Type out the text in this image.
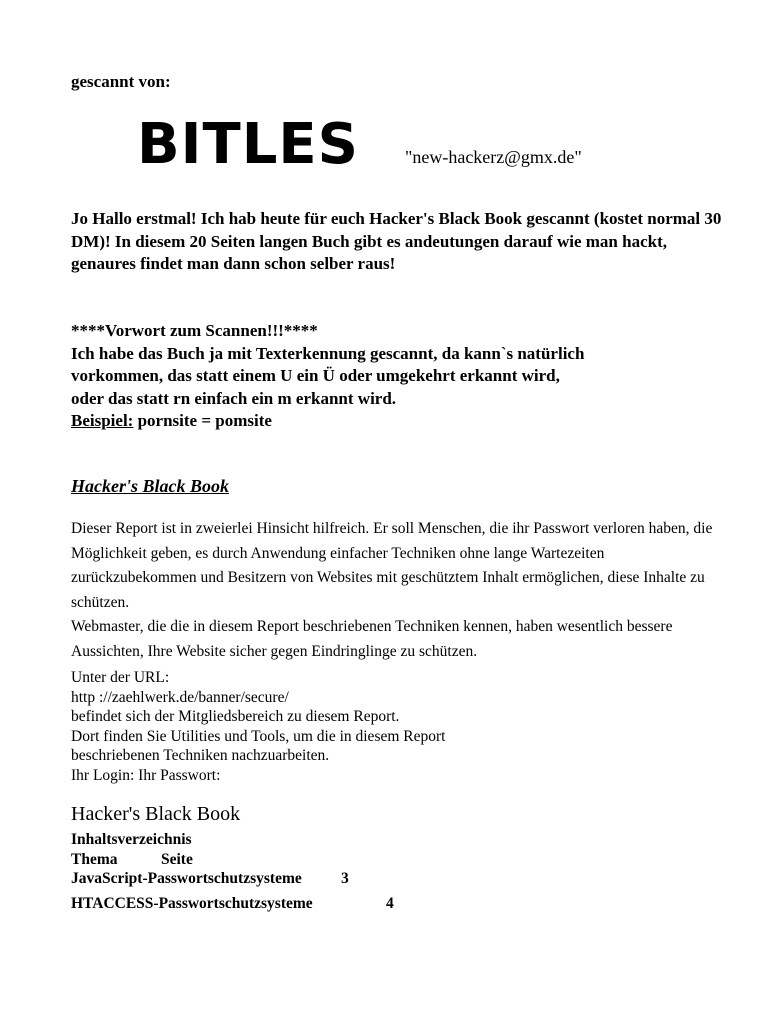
gescannt von:

BITLES	"new-hackerz@gmx.de"

Jo Hallo erstmal! Ich hab heute für euch Hacker's Black Book gescannt (kostet normal 30 DM)! In diesem 20 Seiten langen Buch gibt es andeutungen darauf wie man hackt, genaures findet man dann schon selber raus!

****Vorwort zum Scannen!!!****
Ich habe das Buch ja mit Texterkennung gescannt, da kann`s natürlich
vorkommen, das statt einem U ein Ü oder umgekehrt erkannt wird,
oder das statt rn einfach ein m erkannt wird.
Beispiel: pornsite = pomsite

Hacker's Black Book

Dieser Report ist in zweierlei Hinsicht hilfreich. Er soll Menschen, die ihr Passwort verloren haben, die Möglichkeit geben, es durch Anwendung einfacher Techniken ohne lange Wartezeiten zurückzubekommen und Besitzern von Websites mit geschütztem Inhalt ermöglichen, diese Inhalte zu schützen.
Webmaster, die die in diesem Report beschriebenen Techniken kennen, haben wesentlich bessere Aussichten, Ihre Website sicher gegen Eindringlinge zu schützen.

Unter der URL:
http ://zaehlwerk.de/banner/secure/
befindet sich der Mitgliedsbereich zu diesem Report.
Dort finden Sie Utilities und Tools, um die in diesem Report
beschriebenen Techniken nachzuarbeiten.
Ihr Login: Ihr Passwort:

Hacker's Black Book

Inhaltsverzeichnis
Thema	Seite
JavaScript-Passwortschutzsysteme	3
HTACCESS-Passwortschutzsysteme	4
